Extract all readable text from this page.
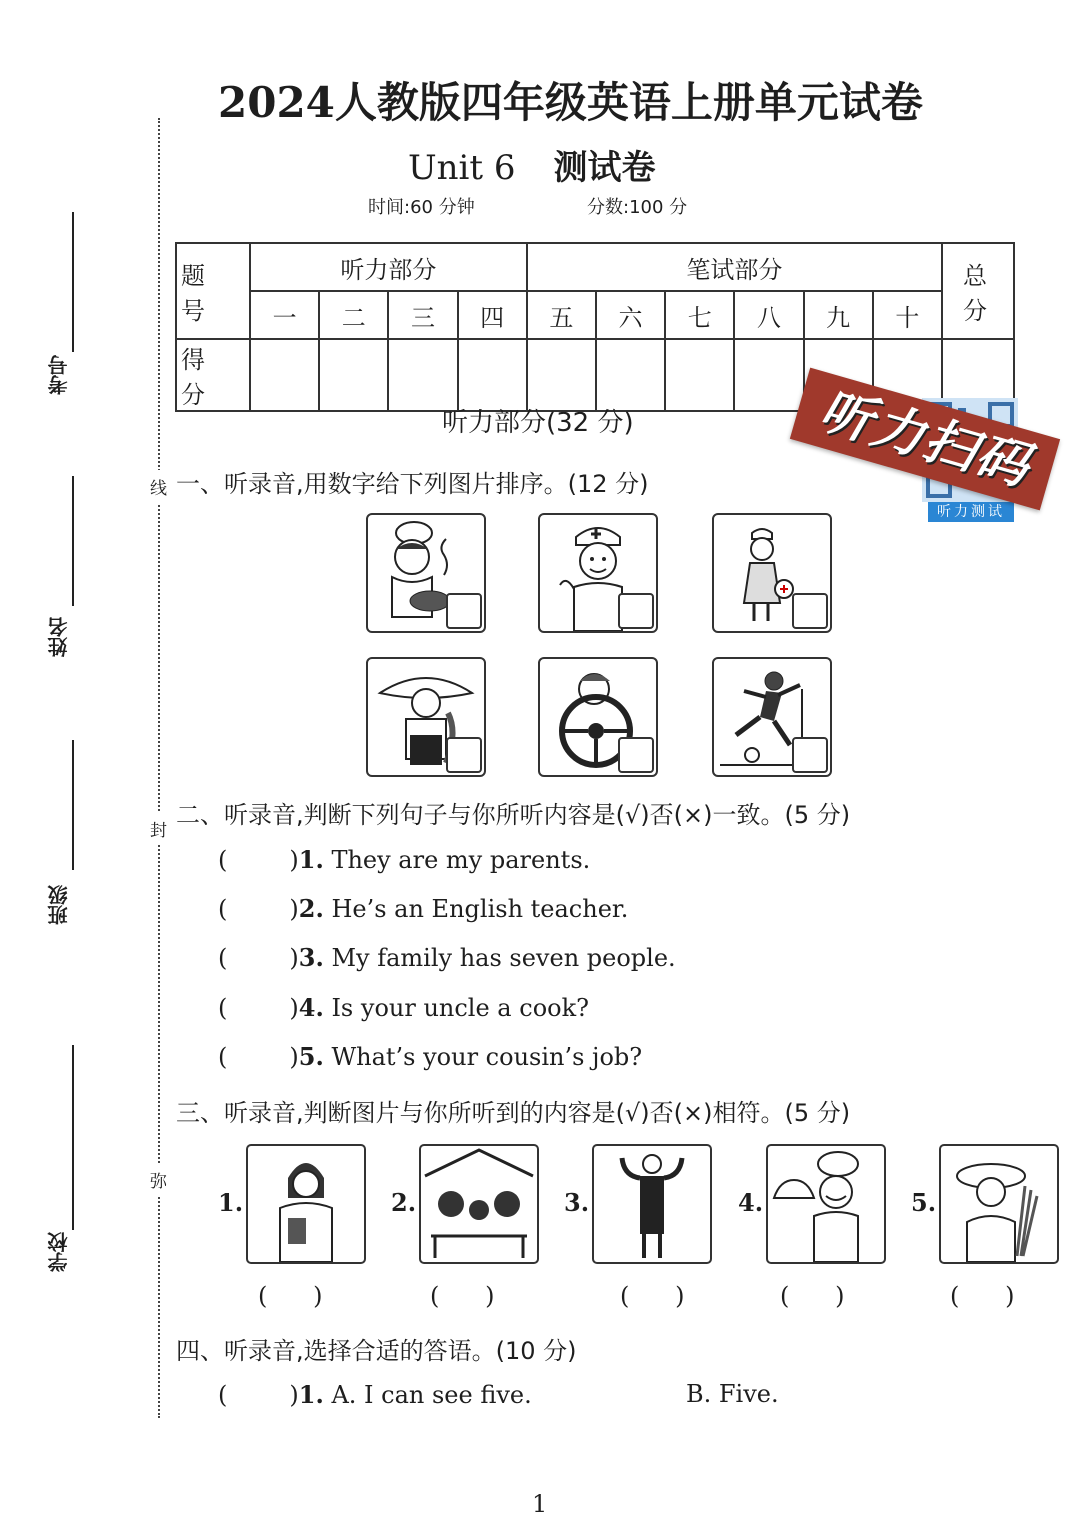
线
封
弥
考号
姓名
班级
学校
2024人教版四年级英语上册单元试卷
Unit 6 测试卷
时间:60 分钟	分数:100 分
题 号	听力部分				笔试部分						总 分
	一	二	三	四	五	六	七	八	九	十	
得 分											
听力测试
听力扫码
听力部分(32 分)
一、听录音,用数字给下列图片排序。(12 分)
二、听录音,判断下列句子与你所听内容是(√)否(×)一致。(5 分)
(	)1. They are my parents.
(	)2. He’s an English teacher.
(	)3. My family has seven people.
(	)4. Is your uncle a cook?
(	)5. What’s your cousin’s job?
三、听录音,判断图片与你所听到的内容是(√)否(×)相符。(5 分)
1.	2.	3.	4.	5.
(      )	(      )	(      )	(      )	(      )
四、听录音,选择合适的答语。(10 分)
(	)1. A. I can see five.	B. Five.
1
